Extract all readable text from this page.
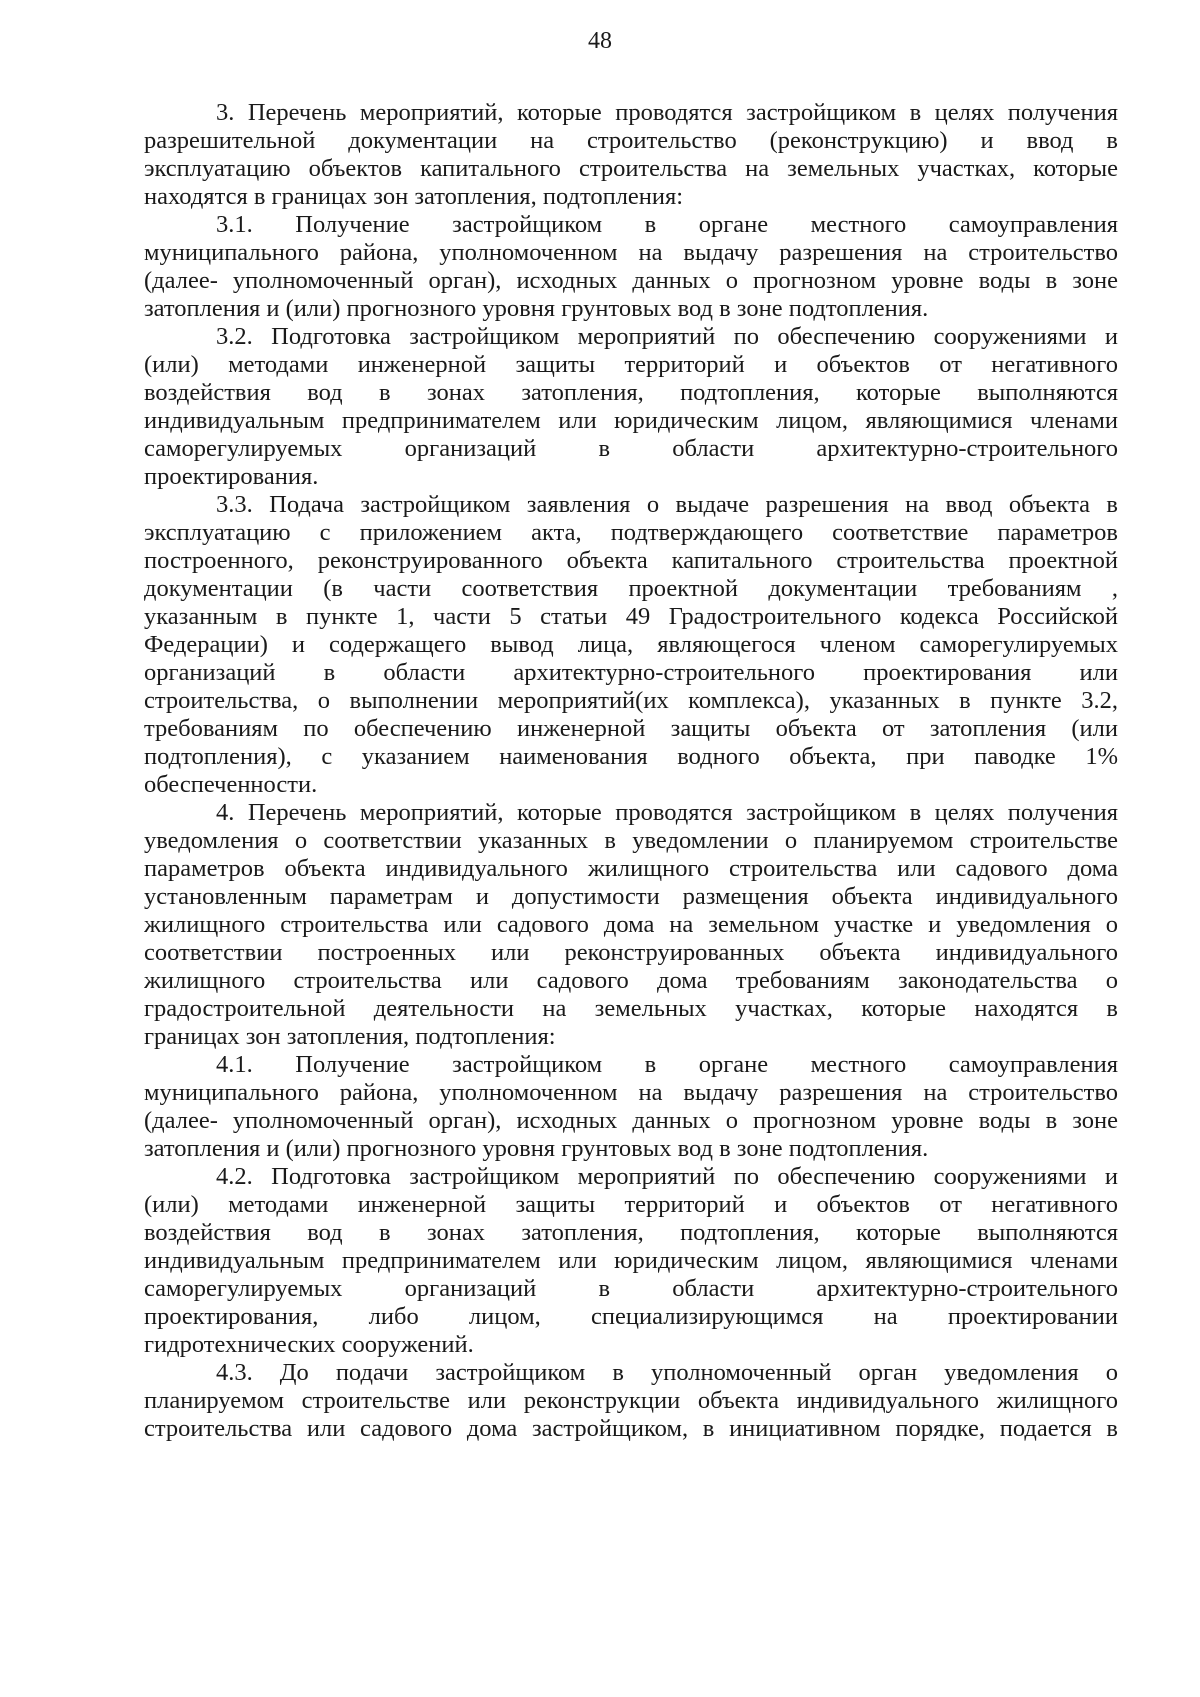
48
3. Перечень мероприятий, которые проводятся застройщиком в целях получения
разрешительной документации на строительство (реконструкцию) и ввод в
эксплуатацию объектов капитального строительства на земельных участках, которые
находятся в границах зон затопления, подтопления:
3.1. Получение застройщиком в органе местного самоуправления
муниципального района, уполномоченном на выдачу разрешения на строительство
(далее- уполномоченный орган), исходных данных о прогнозном уровне воды в зоне
затопления и (или) прогнозного уровня грунтовых вод в зоне подтопления.
3.2. Подготовка застройщиком мероприятий по обеспечению сооружениями и
(или) методами инженерной защиты территорий и объектов от негативного
воздействия вод в зонах затопления, подтопления, которые выполняются
индивидуальным предпринимателем или юридическим лицом, являющимися членами
саморегулируемых организаций в области архитектурно-строительного
проектирования.
3.3. Подача застройщиком заявления о выдаче разрешения на ввод объекта в
эксплуатацию с приложением акта, подтверждающего соответствие параметров
построенного, реконструированного объекта капитального строительства проектной
документации (в части соответствия проектной документации требованиям ,
указанным в пункте 1, части 5 статьи 49 Градостроительного кодекса Российской
Федерации) и содержащего вывод лица, являющегося членом саморегулируемых
организаций в области архитектурно-строительного проектирования или
строительства, о выполнении мероприятий(их комплекса), указанных в пункте 3.2,
требованиям по обеспечению инженерной защиты объекта от затопления (или
подтопления), с указанием наименования водного объекта, при паводке 1%
обеспеченности.
4. Перечень мероприятий, которые проводятся застройщиком в целях получения
уведомления о соответствии указанных в уведомлении о планируемом строительстве
параметров объекта индивидуального жилищного строительства или садового дома
установленным параметрам и допустимости размещения объекта индивидуального
жилищного строительства или садового дома на земельном участке и уведомления о
соответствии построенных или реконструированных объекта индивидуального
жилищного строительства или садового дома требованиям законодательства о
градостроительной деятельности на земельных участках, которые находятся в
границах зон затопления, подтопления:
4.1. Получение застройщиком в органе местного самоуправления
муниципального района, уполномоченном на выдачу разрешения на строительство
(далее- уполномоченный орган), исходных данных о прогнозном уровне воды в зоне
затопления и (или) прогнозного уровня грунтовых вод в зоне подтопления.
4.2. Подготовка застройщиком мероприятий по обеспечению сооружениями и
(или) методами инженерной защиты территорий и объектов от негативного
воздействия вод в зонах затопления, подтопления, которые выполняются
индивидуальным предпринимателем или юридическим лицом, являющимися членами
саморегулируемых организаций в области архитектурно-строительного
проектирования, либо лицом, специализирующимся на проектировании
гидротехнических сооружений.
4.3. До подачи застройщиком в уполномоченный орган уведомления о
планируемом строительстве или реконструкции объекта индивидуального жилищного
строительства или садового дома застройщиком, в инициативном порядке, подается в
